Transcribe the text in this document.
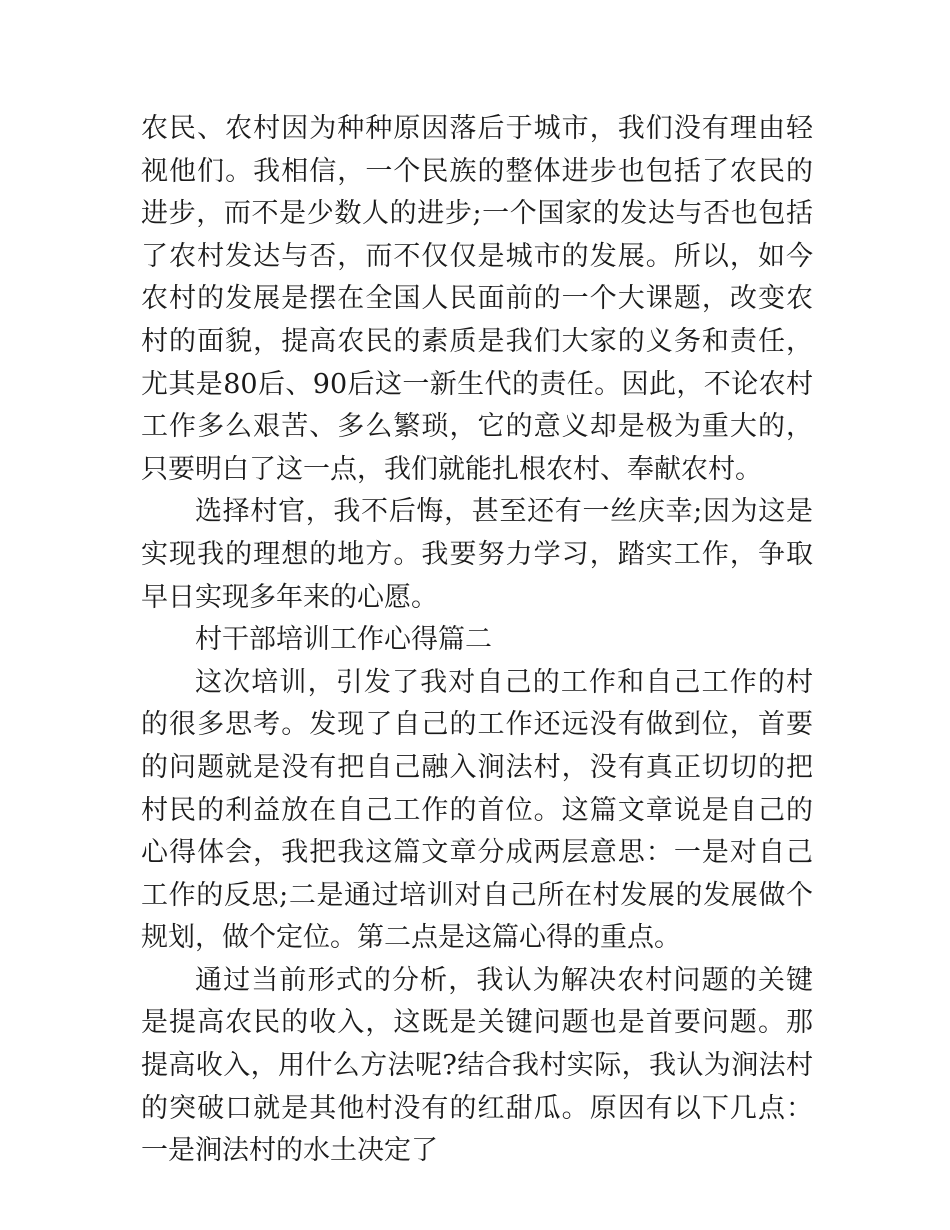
农民、农村因为种种原因落后于城市，我们没有理由轻视他们。我相信，一个民族的整体进步也包括了农民的进步，而不是少数人的进步;一个国家的发达与否也包括了农村发达与否，而不仅仅是城市的发展。所以，如今农村的发展是摆在全国人民面前的一个大课题，改变农村的面貌，提高农民的素质是我们大家的义务和责任，尤其是80后、90后这一新生代的责任。因此，不论农村工作多么艰苦、多么繁琐，它的意义却是极为重大的，只要明白了这一点，我们就能扎根农村、奉献农村。

选择村官，我不后悔，甚至还有一丝庆幸;因为这是实现我的理想的地方。我要努力学习，踏实工作，争取早日实现多年来的心愿。

村干部培训工作心得篇二

这次培训，引发了我对自己的工作和自己工作的村的很多思考。发现了自己的工作还远没有做到位，首要的问题就是没有把自己融入涧法村，没有真正切切的把村民的利益放在自己工作的首位。这篇文章说是自己的心得体会，我把我这篇文章分成两层意思：一是对自己工作的反思;二是通过培训对自己所在村发展的发展做个规划，做个定位。第二点是这篇心得的重点。

通过当前形式的分析，我认为解决农村问题的关键是提高农民的收入，这既是关键问题也是首要问题。那提高收入，用什么方法呢?结合我村实际，我认为涧法村的突破口就是其他村没有的红甜瓜。原因有以下几点：一是涧法村的水土决定了
